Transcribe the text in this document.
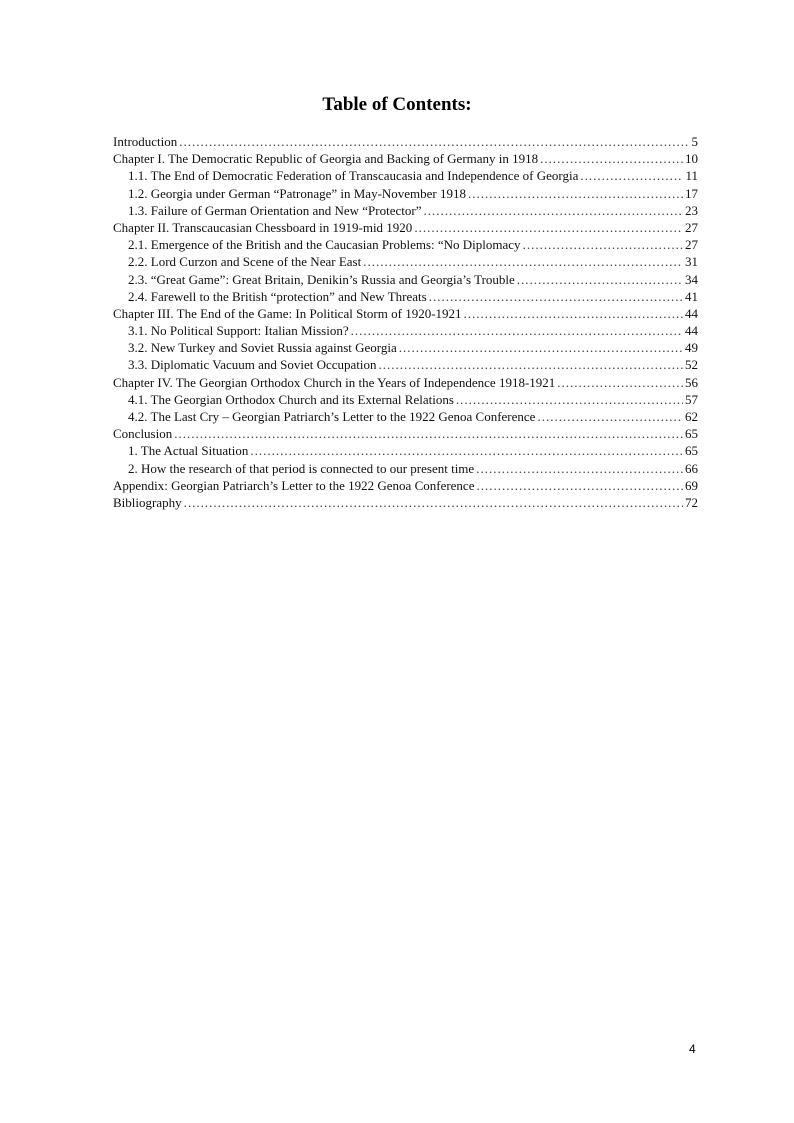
Table of Contents:
Introduction .....	5
Chapter I. The Democratic Republic of Georgia and Backing of Germany in 1918 .....	10
1.1. The End of Democratic Federation of Transcaucasia and Independence of Georgia .....	11
1.2. Georgia under German “Patronage” in May-November 1918 .....	17
1.3. Failure of German Orientation and New “Protector” .....	23
Chapter II. Transcaucasian Chessboard in 1919-mid 1920 .....	27
2.1. Emergence of the British and the Caucasian Problems: “No Diplomacy .....	27
2.2. Lord Curzon and Scene of the Near East .....	31
2.3. “Great Game”: Great Britain, Denikin’s Russia and Georgia’s Trouble .....	34
2.4. Farewell to the British “protection” and New Threats .....	41
Chapter III. The End of the Game: In Political Storm of 1920-1921 .....	44
3.1. No Political Support: Italian Mission? .....	44
3.2. New Turkey and Soviet Russia against Georgia .....	49
3.3. Diplomatic Vacuum and Soviet Occupation .....	52
Chapter IV. The Georgian Orthodox Church in the Years of Independence 1918-1921 .....	56
4.1. The Georgian Orthodox Church and its External Relations .....	57
4.2. The Last Cry – Georgian Patriarch’s Letter to the 1922 Genoa Conference .....	62
Conclusion .....	65
1. The Actual Situation .....	65
2. How the research of that period is connected to our present time .....	66
Appendix: Georgian Patriarch’s Letter to the 1922 Genoa Conference .....	69
Bibliography .....	72
4
